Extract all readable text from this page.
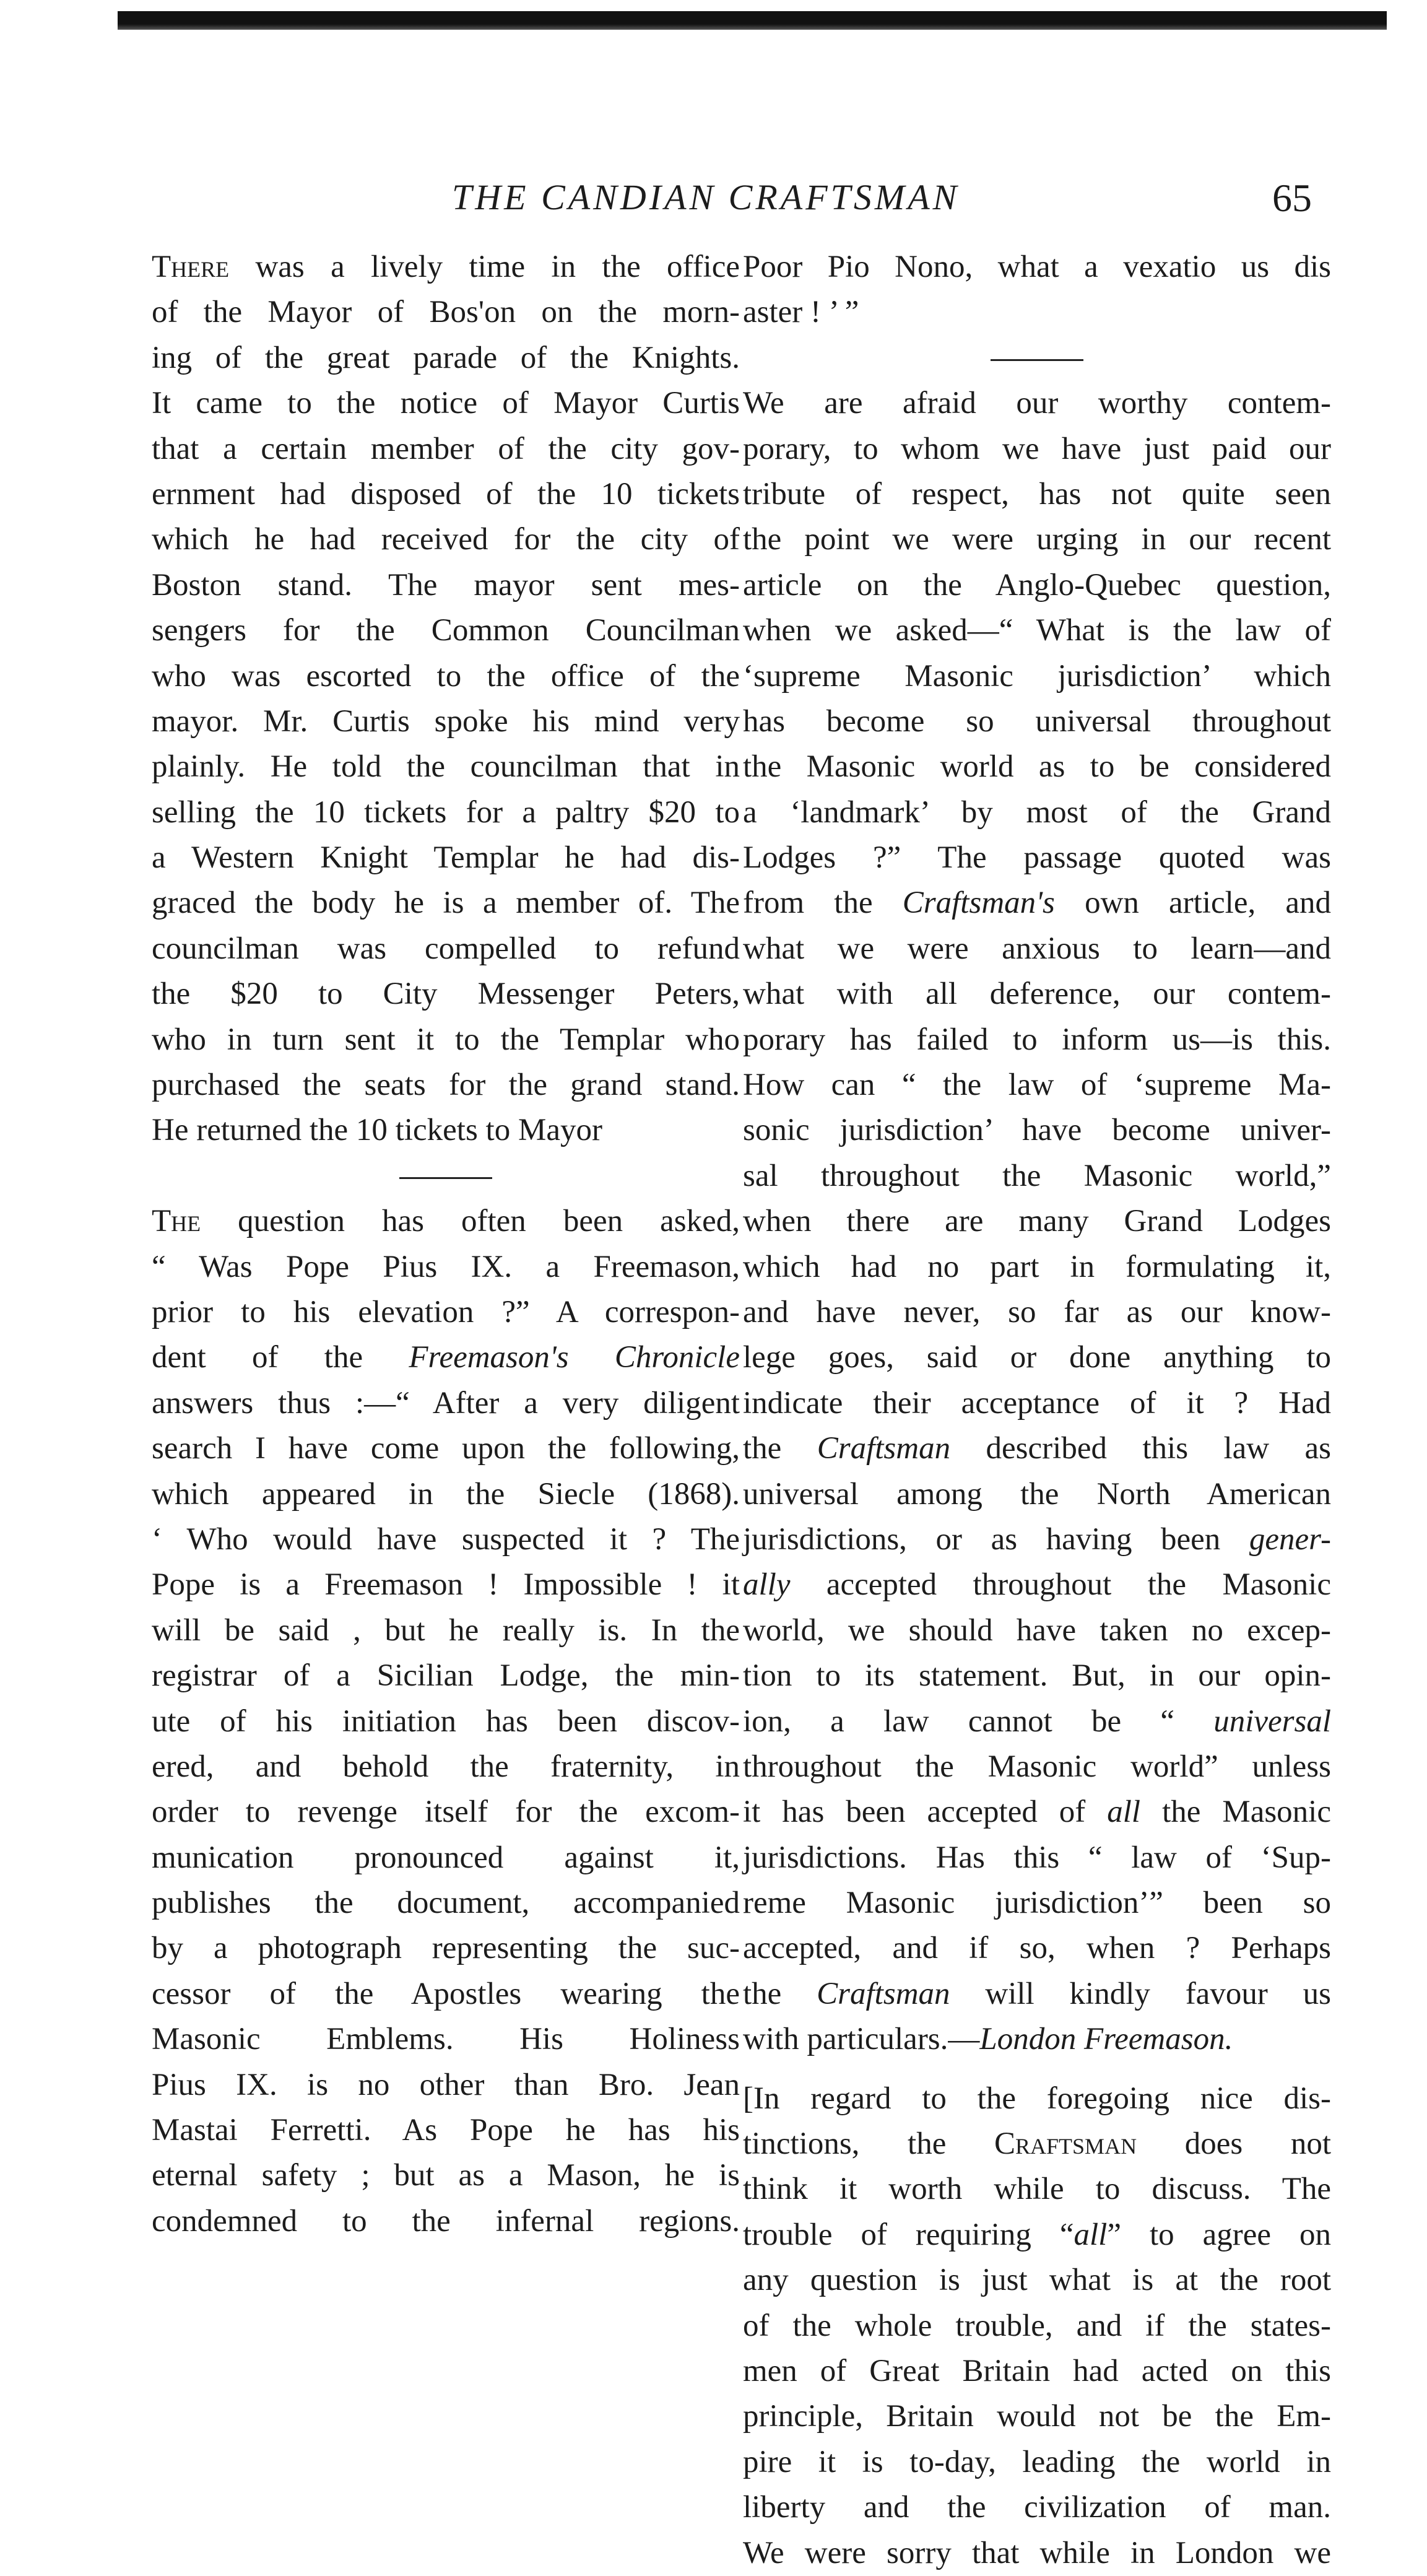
THE CANDIAN CRAFTSMAN	65
There was a lively time in the office
of the Mayor of Bos'on on the morn-
ing of the great parade of the Knights.
It came to the notice of Mayor Curtis
that a certain member of the city gov-
ernment had disposed of the 10 tickets
which he had received for the city of
Boston stand. The mayor sent mes-
sengers for the Common Councilman
who was escorted to the office of the
mayor. Mr. Curtis spoke his mind very
plainly. He told the councilman that in
selling the 10 tickets for a paltry $20 to
a Western Knight Templar he had dis-
graced the body he is a member of. The
councilman was compelled to refund
the $20 to City Messenger Peters,
who in turn sent it to the Templar who
purchased the seats for the grand stand.
He returned the 10 tickets to Mayor
The question has often been asked,
“ Was Pope Pius IX. a Freemason,
prior to his elevation ?” A correspon-
dent of the Freemason's Chronicle
answers thus :—“ After a very diligent
search I have come upon the following,
which appeared in the Siecle (1868).
‘ Who would have suspected it ? The
Pope is a Freemason ! Impossible ! it
will be said , but he really is. In the
registrar of a Sicilian Lodge, the min-
ute of his initiation has been discov-
ered, and behold the fraternity, in
order to revenge itself for the excom-
munication pronounced against it,
publishes the document, accompanied
by a photograph representing the suc-
cessor of the Apostles wearing the
Masonic Emblems. His Holiness
Pius IX. is no other than Bro. Jean
Mastai Ferretti. As Pope he has his
eternal safety ; but as a Mason, he is
condemned to the infernal regions.
Poor Pio Nono, what a vexatio us dis
aster ! ’ ”
We are afraid our worthy contem-
porary, to whom we have just paid our
tribute of respect, has not quite seen
the point we were urging in our recent
article on the Anglo-Quebec question,
when we asked—“ What is the law of
‘supreme Masonic jurisdiction’ which
has become so universal throughout
the Masonic world as to be considered
a ‘landmark’ by most of the Grand
Lodges ?” The passage quoted was
from the Craftsman's own article, and
what we were anxious to learn—and
what with all deference, our contem-
porary has failed to inform us—is this.
How can “ the law of ‘supreme Ma-
sonic jurisdiction’ have become univer-
sal throughout the Masonic world,”
when there are many Grand Lodges
which had no part in formulating it,
and have never, so far as our know-
lege goes, said or done anything to
indicate their acceptance of it ? Had
the Craftsman described this law as
universal among the North American
jurisdictions, or as having been gener-
ally accepted throughout the Masonic
world, we should have taken no excep-
tion to its statement. But, in our opin-
ion, a law cannot be “ universal
throughout the Masonic world” unless
it has been accepted of all the Masonic
jurisdictions. Has this “ law of ‘Sup-
reme Masonic jurisdiction’” been so
accepted, and if so, when ? Perhaps
the Craftsman will kindly favour us
with particulars.—London Freemason.
[In regard to the foregoing nice dis-
tinctions, the Craftsman does not
think it worth while to discuss. The
trouble of requiring “all” to agree on
any question is just what is at the root
of the whole trouble, and if the states-
men of Great Britain had acted on this
principle, Britain would not be the Em-
pire it is to-day, leading the world in
liberty and the civilization of man.
We were sorry that while in London we
